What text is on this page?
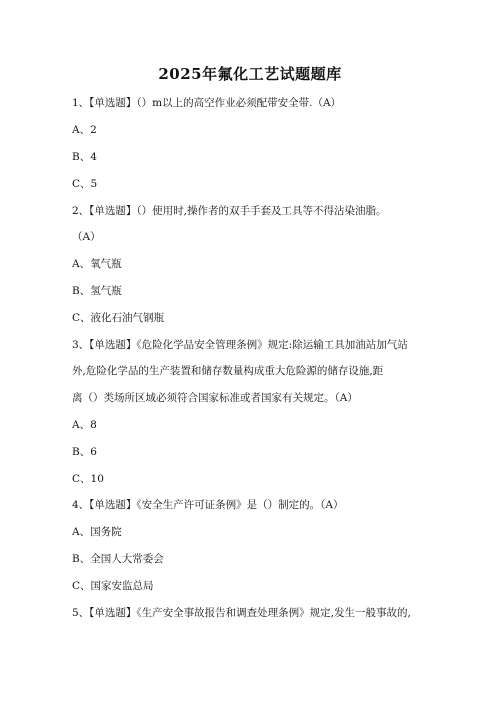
2025年氟化工艺试题题库
1、【单选题】（）m以上的高空作业必须配带安全带.（A）
A、2
B、4
C、5
2、【单选题】（）使用时,操作者的双手手套及工具等不得沾染油脂。
（A）
A、氧气瓶
B、氢气瓶
C、液化石油气钢瓶
3、【单选题】《危险化学品安全管理条例》规定:除运输工具加油站加气站
外,危险化学品的生产装置和储存数量构成重大危险源的储存设施,距
离（）类场所区域必须符合国家标准或者国家有关规定。（A）
A、8
B、6
C、10
4、【单选题】《安全生产许可证条例》是（）制定的。（A）
A、国务院
B、全国人大常委会
C、国家安监总局
5、【单选题】《生产安全事故报告和调查处理条例》规定,发生一般事故的,
